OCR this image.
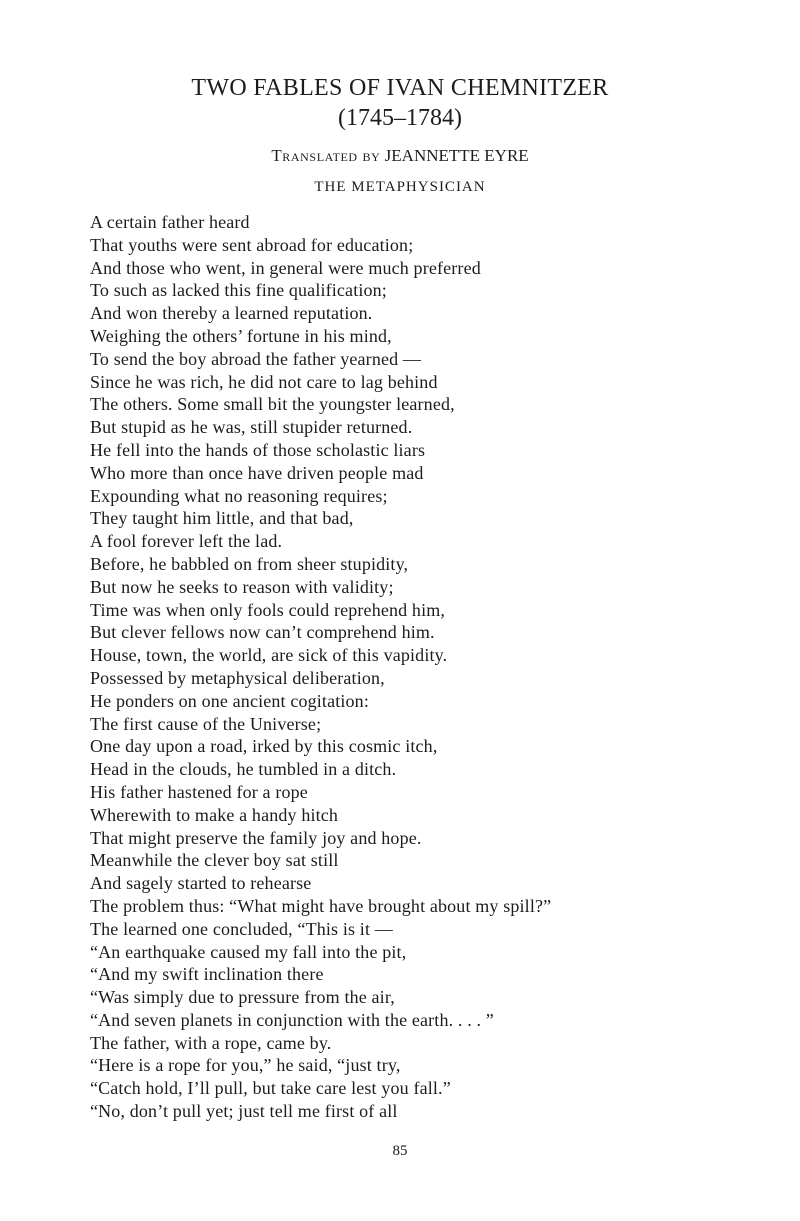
TWO FABLES OF IVAN CHEMNITZER
(1745–1784)
Translated by JEANNETTE EYRE
THE METAPHYSICIAN
A certain father heard
That youths were sent abroad for education;
And those who went, in general were much preferred
To such as lacked this fine qualification;
And won thereby a learned reputation.
Weighing the others’ fortune in his mind,
To send the boy abroad the father yearned —
Since he was rich, he did not care to lag behind
The others. Some small bit the youngster learned,
But stupid as he was, still stupider returned.
He fell into the hands of those scholastic liars
Who more than once have driven people mad
Expounding what no reasoning requires;
They taught him little, and that bad,
A fool forever left the lad.
Before, he babbled on from sheer stupidity,
But now he seeks to reason with validity;
Time was when only fools could reprehend him,
But clever fellows now can’t comprehend him.
House, town, the world, are sick of this vapidity.
Possessed by metaphysical deliberation,
He ponders on one ancient cogitation:
The first cause of the Universe;
One day upon a road, irked by this cosmic itch,
Head in the clouds, he tumbled in a ditch.
His father hastened for a rope
Wherewith to make a handy hitch
That might preserve the family joy and hope.
Meanwhile the clever boy sat still
And sagely started to rehearse
The problem thus: “What might have brought about my spill?”
The learned one concluded, “This is it —
“An earthquake caused my fall into the pit,
“And my swift inclination there
“Was simply due to pressure from the air,
“And seven planets in conjunction with the earth. . . . ”
The father, with a rope, came by.
“Here is a rope for you,” he said, “just try,
“Catch hold, I’ll pull, but take care lest you fall.”
“No, don’t pull yet; just tell me first of all
85
